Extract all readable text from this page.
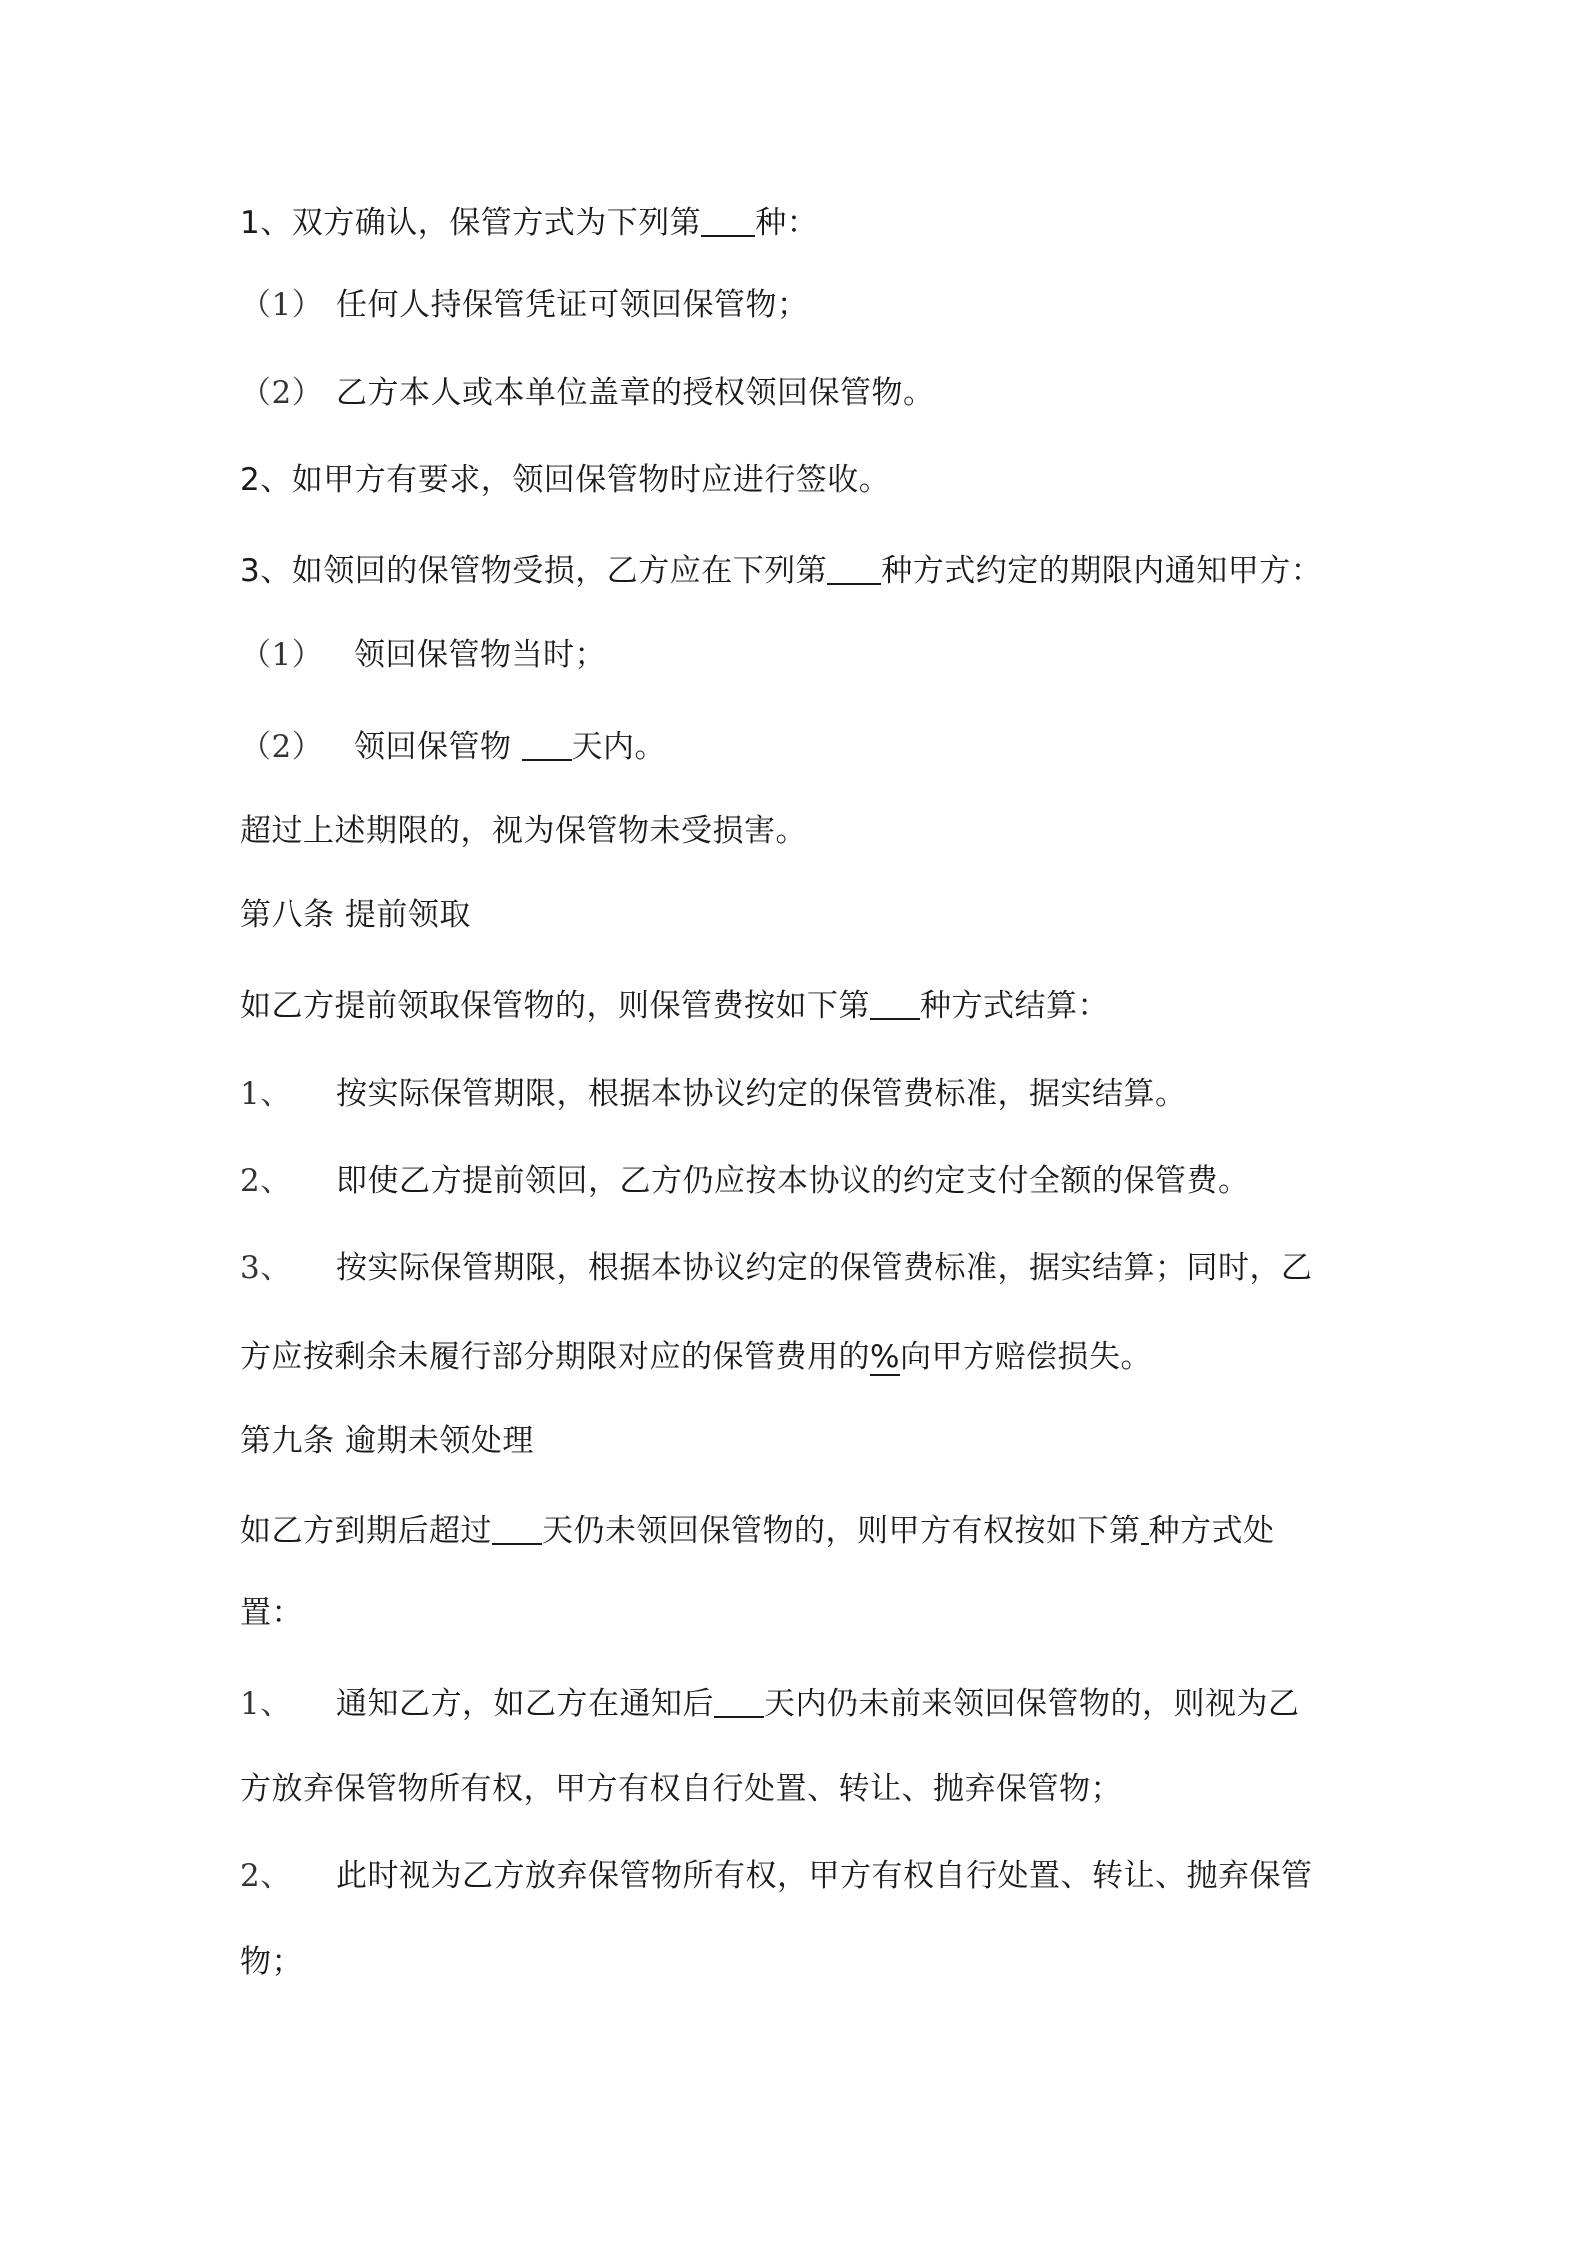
1、双方确认，保管方式为下列第 种：
（1） 任何人持保管凭证可领回保管物；
（2） 乙方本人或本单位盖章的授权领回保管物。
2、如甲方有要求，领回保管物时应进行签收。
3、如领回的保管物受损，乙方应在下列第 种方式约定的期限内通知甲方：
（1） 领回保管物当时；
（2） 领回保管物 天内。
超过上述期限的，视为保管物未受损害。
第八条 提前领取
如乙方提前领取保管物的，则保管费按如下第 种方式结算：
1、 按实际保管期限，根据本协议约定的保管费标准，据实结算。
2、 即使乙方提前领回，乙方仍应按本协议的约定支付全额的保管费。
3、 按实际保管期限，根据本协议约定的保管费标准，据实结算；同时，乙
方应按剩余未履行部分期限对应的保管费用的%向甲方赔偿损失。
第九条 逾期未领处理
如乙方到期后超过 天仍未领回保管物的，则甲方有权按如下第 种方式处
置：
1、 通知乙方，如乙方在通知后 天内仍未前来领回保管物的，则视为乙
方放弃保管物所有权，甲方有权自行处置、转让、抛弃保管物；
2、 此时视为乙方放弃保管物所有权，甲方有权自行处置、转让、抛弃保管
物；
